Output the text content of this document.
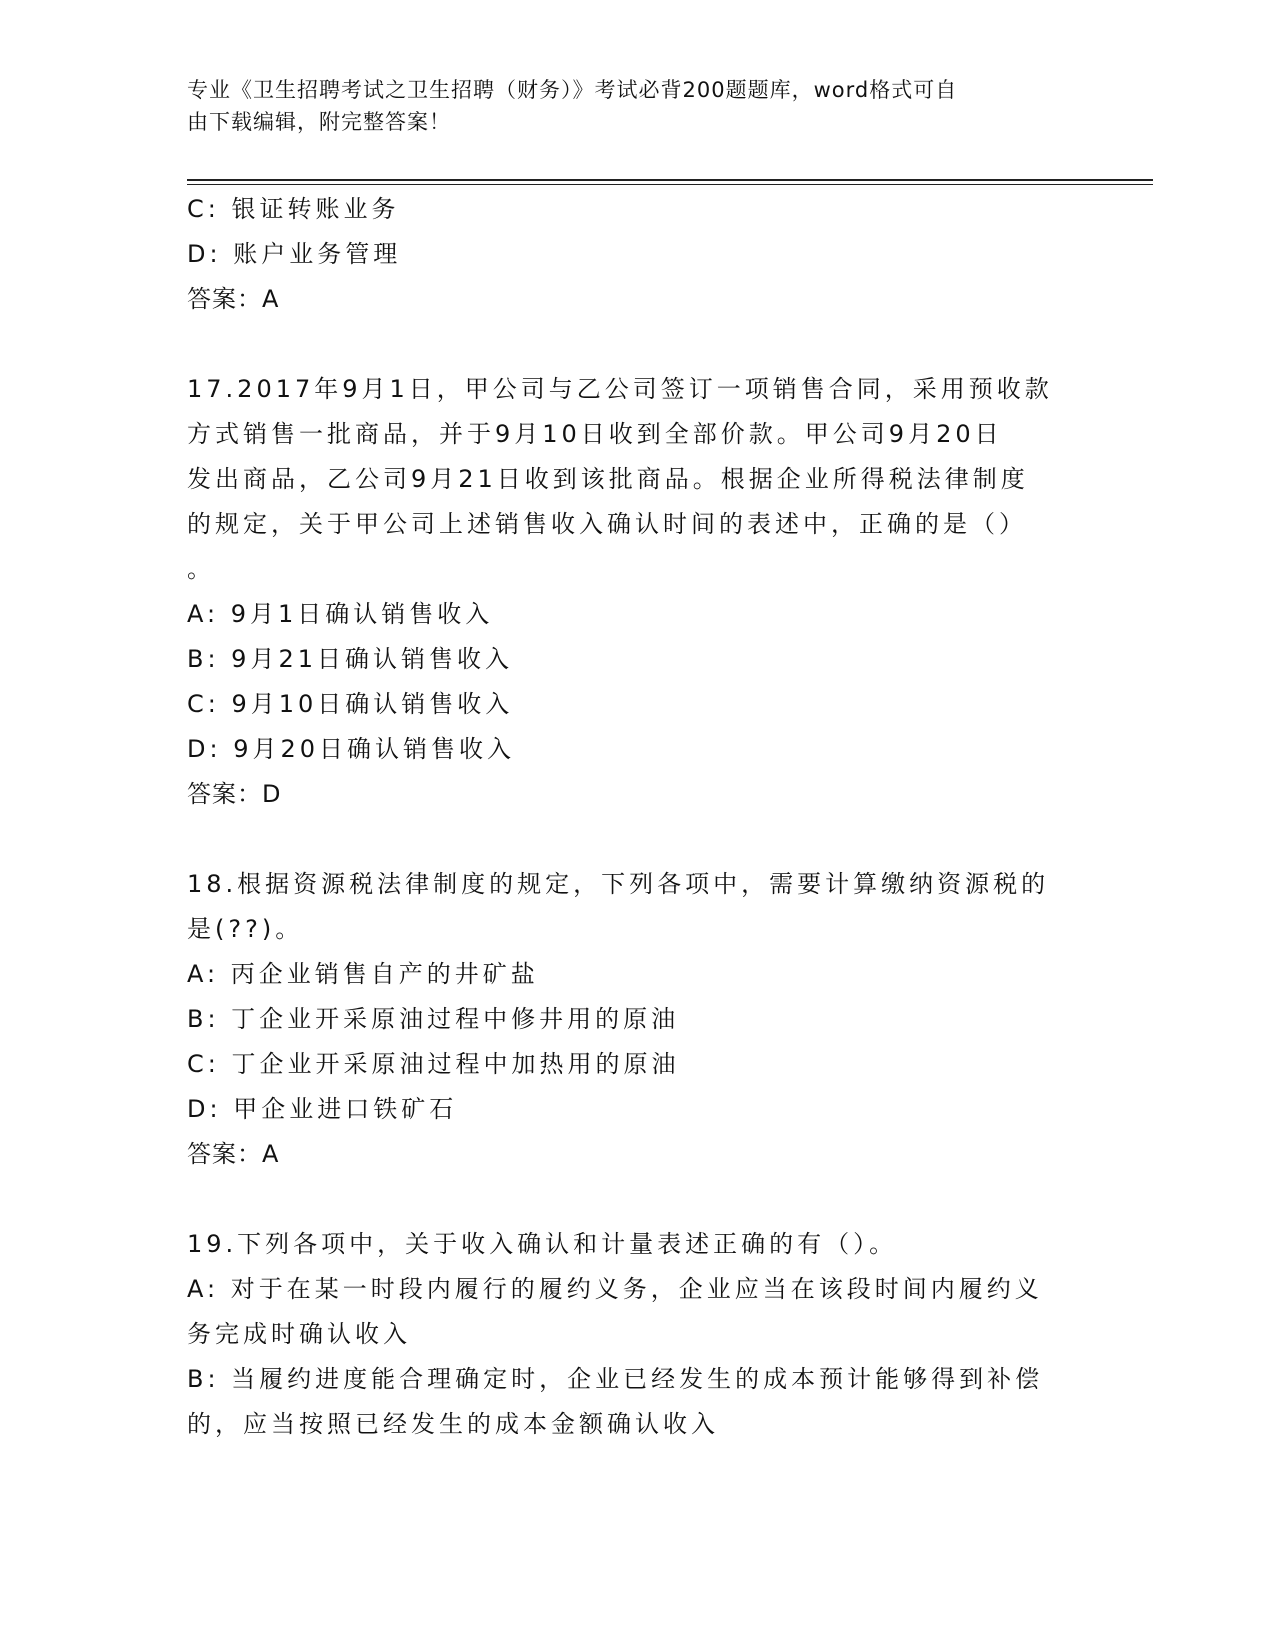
专业《卫生招聘考试之卫生招聘（财务）》考试必背200题题库，word格式可自
由下载编辑，附完整答案！

C: 银证转账业务

D: 账户业务管理

答案：A

17.2017年9月1日，甲公司与乙公司签订一项销售合同，采用预收款

方式销售一批商品，并于9月10日收到全部价款。甲公司9月20日

发出商品，乙公司9月21日收到该批商品。根据企业所得税法律制度

的规定，关于甲公司上述销售收入确认时间的表述中，正确的是（）

。

A: 9月1日确认销售收入

B: 9月21日确认销售收入

C: 9月10日确认销售收入

D: 9月20日确认销售收入

答案：D

18.根据资源税法律制度的规定，下列各项中，需要计算缴纳资源税的

是(??)。

A: 丙企业销售自产的井矿盐

B: 丁企业开采原油过程中修井用的原油

C: 丁企业开采原油过程中加热用的原油

D: 甲企业进口铁矿石

答案：A

19.下列各项中，关于收入确认和计量表述正确的有（）。

A: 对于在某一时段内履行的履约义务，企业应当在该段时间内履约义

务完成时确认收入

B: 当履约进度能合理确定时，企业已经发生的成本预计能够得到补偿

的，应当按照已经发生的成本金额确认收入
